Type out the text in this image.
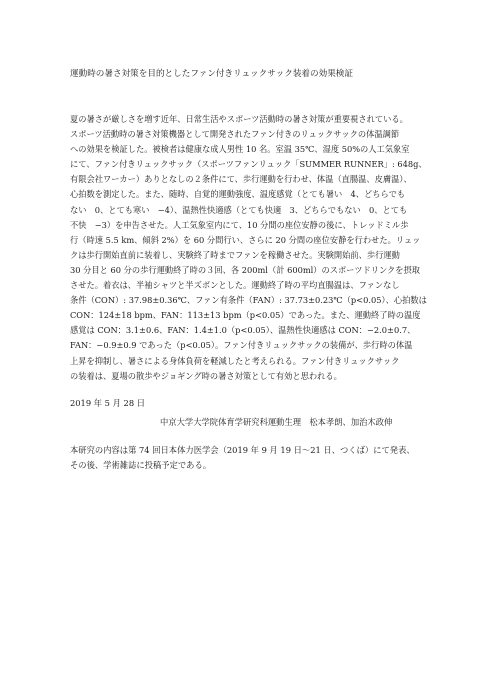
運動時の暑さ対策を目的としたファン付きリュックサック装着の効果検証
夏の暑さが厳しさを増す近年、日常生活やスポーツ活動時の暑さ対策が重要視されている。
スポーツ活動時の暑さ対策機器として開発されたファン付きのリュックサックの体温調節
への効果を検証した。被検者は健康な成人男性 10 名。室温 35℃、湿度 50%の人工気象室
にて、ファン付きリュックサック（スポーツファンリュック「SUMMER RUNNER」: 648g、
有限会社ワーカー）ありとなしの２条件にて、歩行運動を行わせ、体温（直腸温、皮膚温）、
心拍数を測定した。また、随時、自覚的運動強度、温度感覚（とても暑い　4、どちらでも
ない　0、とても寒い　−4）、温熱性快適感（とても快適　3、どちらでもない　0、とても
不快　−3）を申告させた。人工気象室内にて、10 分間の座位安静の後に、トレッドミル歩
行（時速 5.5 km、傾斜 2%）を 60 分間行い、さらに 20 分間の座位安静を行わせた。リュッ
クは歩行開始直前に装着し、実験終了時までファンを稼働させた。実験開始前、歩行運動
30 分目と 60 分の歩行運動終了時の３回、各 200ml（計 600ml）のスポーツドリンクを摂取
させた。着衣は、半袖シャツと半ズボンとした。運動終了時の平均直腸温は、ファンなし
条件（CON）: 37.98±0.36℃、ファン有条件（FAN）: 37.73±0.23℃（p<0.05）、心拍数は
CON：124±18 bpm、FAN：113±13 bpm（p<0.05）であった。また、運動終了時の温度
感覚は CON：3.1±0.6、FAN：1.4±1.0（p<0.05）、温熱性快適感は CON：−2.0±0.7、
FAN：−0.9±0.9 であった（p<0.05）。ファン付きリュックサックの装備が、歩行時の体温
上昇を抑制し、暑さによる身体負荷を軽減したと考えられる。ファン付きリュックサック
の装着は、夏場の散歩やジョギング時の暑さ対策として有効と思われる。
2019 年 5 月 28 日
中京大学大学院体育学研究科運動生理　松本孝朗、加治木政伸
本研究の内容は第 74 回日本体力医学会（2019 年 9 月 19 日～21 日、つくば）にて発表、
その後、学術雑誌に投稿予定である。
